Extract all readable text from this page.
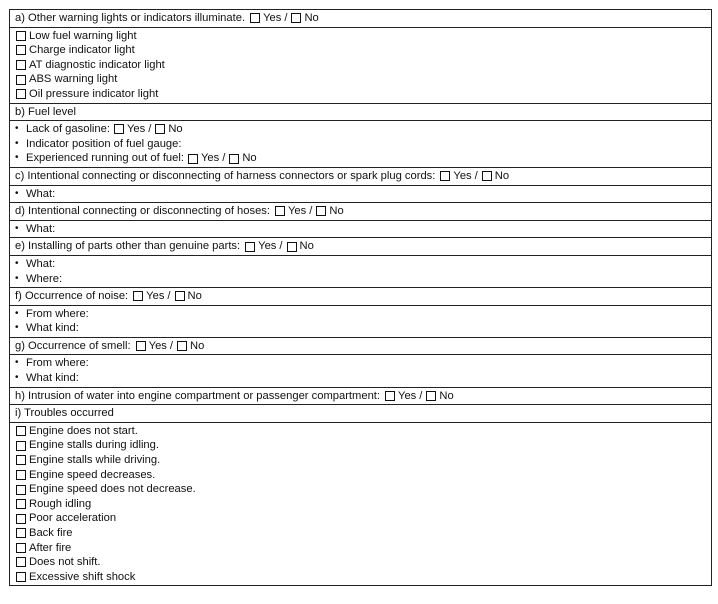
a) Other warning lights or indicators illuminate. Yes / No
Low fuel warning light
Charge indicator light
AT diagnostic indicator light
ABS warning light
Oil pressure indicator light
b) Fuel level
• Lack of gasoline: Yes / No
• Indicator position of fuel gauge:
• Experienced running out of fuel: Yes / No
c) Intentional connecting or disconnecting of harness connectors or spark plug cords: Yes / No
• What:
d) Intentional connecting or disconnecting of hoses: Yes / No
• What:
e) Installing of parts other than genuine parts: Yes / No
• What:
• Where:
f) Occurrence of noise: Yes / No
• From where:
• What kind:
g) Occurrence of smell: Yes / No
• From where:
• What kind:
h) Intrusion of water into engine compartment or passenger compartment: Yes / No
i) Troubles occurred
Engine does not start.
Engine stalls during idling.
Engine stalls while driving.
Engine speed decreases.
Engine speed does not decrease.
Rough idling
Poor acceleration
Back fire
After fire
Does not shift.
Excessive shift shock
